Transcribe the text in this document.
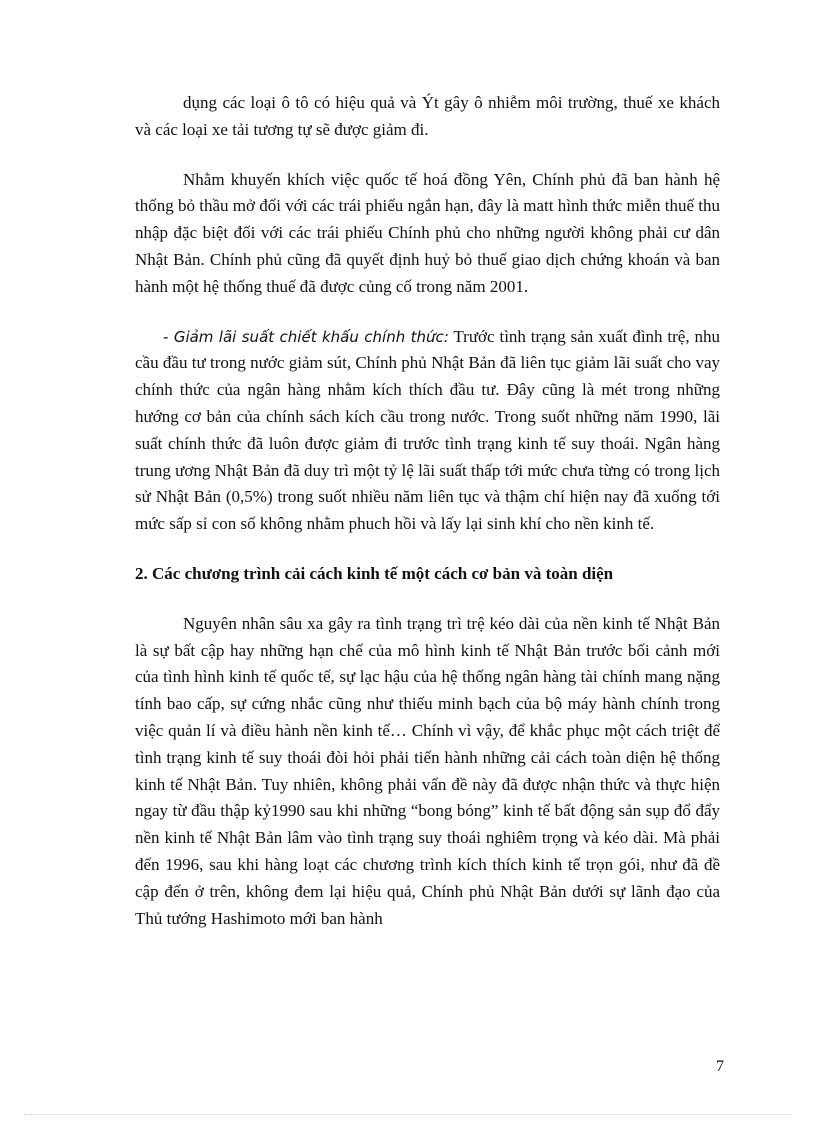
dụng các loại ô tô có hiệu quả và Ýt gây ô nhiễm môi trường, thuế xe khách và các loại xe tải tương tự sẽ được giảm đi.

Nhằm khuyến khích việc quốc tế hoá đồng Yên, Chính phủ đã ban hành hệ thống bỏ thầu mở đối với các trái phiếu ngắn hạn, đây là matt hình thức miễn thuế thu nhập đặc biệt đối với các trái phiếu Chính phủ cho những người không phải cư dân Nhật Bản. Chính phủ cũng đã quyết định huỷ bỏ thuế giao dịch chứng khoán và ban hành một hệ thống thuế đã được củng cố trong năm 2001.

- Giảm lãi suất chiết khấu chính thức: Trước tình trạng sản xuất đình trệ, nhu cầu đầu tư trong nước giảm sút, Chính phủ Nhật Bản đã liên tục giảm lãi suất cho vay chính thức của ngân hàng nhằm kích thích đầu tư. Đây cũng là mét trong những hướng cơ bản của chính sách kích cầu trong nước. Trong suốt những năm 1990, lãi suất chính thức đã luôn được giảm đi trước tình trạng kinh tế suy thoái. Ngân hàng trung ương Nhật Bản đã duy trì một tỷ lệ lãi suất thấp tới mức chưa từng có trong lịch sử Nhật Bản (0,5%) trong suốt nhiều năm liên tục và thậm chí hiện nay đã xuống tới mức sấp sỉ con số không nhằm phuch hồi và lấy lại sinh khí cho nền kinh tế.

2. Các chương trình cải cách kinh tế một cách cơ bản và toàn diện

Nguyên nhân sâu xa gây ra tình trạng trì trệ kéo dài của nền kinh tế Nhật Bản là sự bất cập hay những hạn chế của mô hình kinh tế Nhật Bản trước bối cảnh mới của tình hình kinh tế quốc tế, sự lạc hậu của hệ thống ngân hàng tài chính mang nặng tính bao cấp, sự cứng nhắc cũng như thiếu minh bạch của bộ máy hành chính trong việc quản lí và điều hành nền kinh tế… Chính vì vậy, để khắc phục một cách triệt để tình trạng kinh tế suy thoái đòi hỏi phải tiến hành những cải cách toàn diện hệ thống kinh tế Nhật Bản. Tuy nhiên, không phải vấn đề này đã được nhận thức và thực hiện ngay từ đầu thập kỷ1990 sau khi những “bong bóng” kinh tế bất động sản sụp đổ đẩy nền kinh tế Nhật Bản lâm vào tình trạng suy thoái nghiêm trọng và kéo dài. Mà phải đến 1996, sau khi hàng loạt các chương trình kích thích kinh tế trọn gói, như đã đề cập đến ở trên, không đem lại hiệu quả, Chính phủ Nhật Bản dưới sự lãnh đạo của Thủ tướng Hashimoto mới ban hành

7
